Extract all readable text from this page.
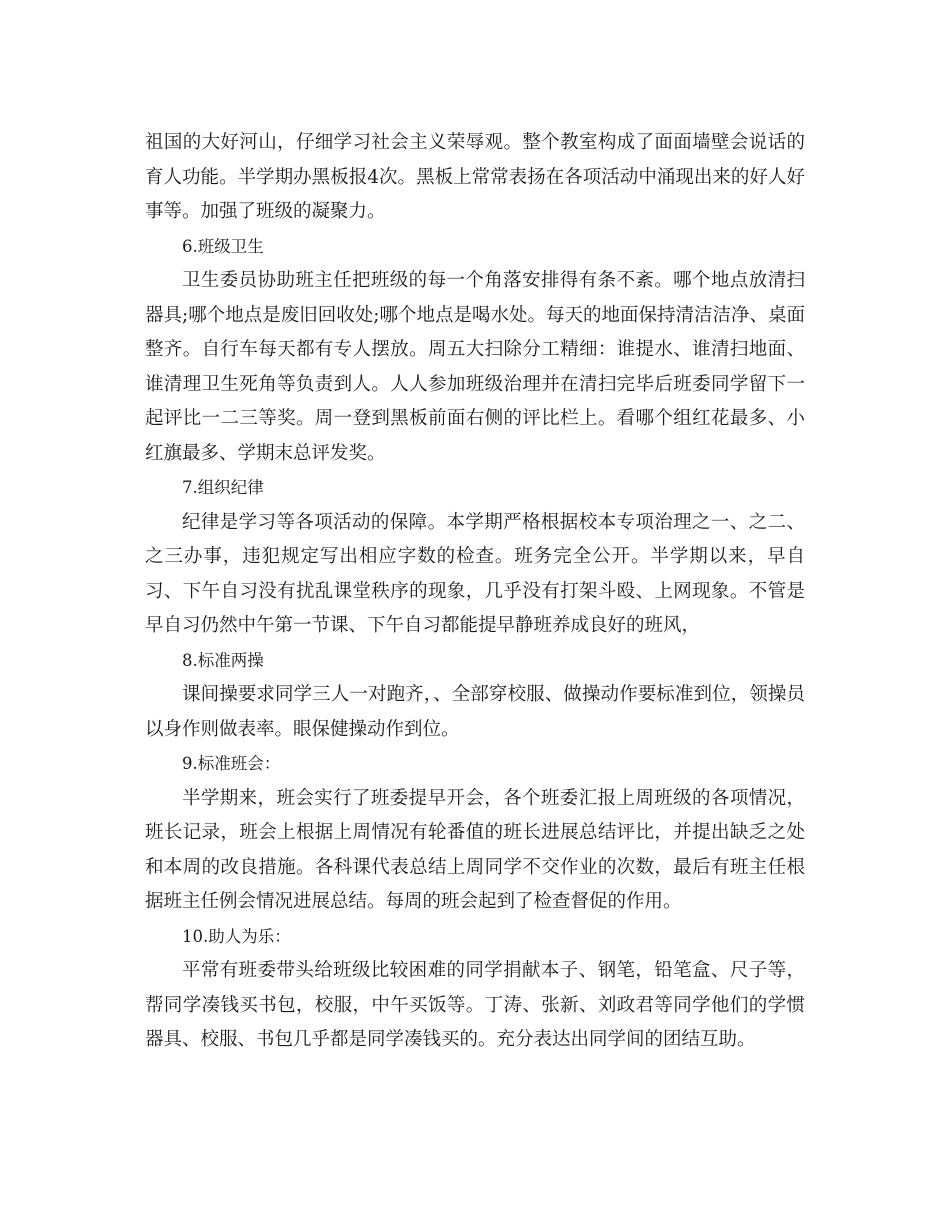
祖国的大好河山，仔细学习社会主义荣辱观。整个教室构成了面面墙壁会说话的育人功能。半学期办黑板报4次。黑板上常常表扬在各项活动中涌现出来的好人好事等。加强了班级的凝聚力。

6.班级卫生

卫生委员协助班主任把班级的每一个角落安排得有条不紊。哪个地点放清扫器具;哪个地点是废旧回收处;哪个地点是喝水处。每天的地面保持清洁洁净、桌面整齐。自行车每天都有专人摆放。周五大扫除分工精细：谁提水、谁清扫地面、谁清理卫生死角等负责到人。人人参加班级治理并在清扫完毕后班委同学留下一起评比一二三等奖。周一登到黑板前面右侧的评比栏上。看哪个组红花最多、小红旗最多、学期末总评发奖。

7.组织纪律

纪律是学习等各项活动的保障。本学期严格根据校本专项治理之一、之二、之三办事，违犯规定写出相应字数的检查。班务完全公开。半学期以来，早自习、下午自习没有扰乱课堂秩序的现象，几乎没有打架斗殴、上网现象。不管是早自习仍然中午第一节课、下午自习都能提早静班养成良好的班风，

8.标准两操

课间操要求同学三人一对跑齐，、全部穿校服、做操动作要标准到位，领操员以身作则做表率。眼保健操动作到位。

9.标准班会：

半学期来，班会实行了班委提早开会，各个班委汇报上周班级的各项情况，班长记录，班会上根据上周情况有轮番值的班长进展总结评比，并提出缺乏之处和本周的改良措施。各科课代表总结上周同学不交作业的次数，最后有班主任根据班主任例会情况进展总结。每周的班会起到了检查督促的作用。

10.助人为乐：

平常有班委带头给班级比较困难的同学捐献本子、钢笔，铅笔盒、尺子等，帮同学凑钱买书包，校服，中午买饭等。丁涛、张新、刘政君等同学他们的学惯器具、校服、书包几乎都是同学凑钱买的。充分表达出同学间的团结互助。
